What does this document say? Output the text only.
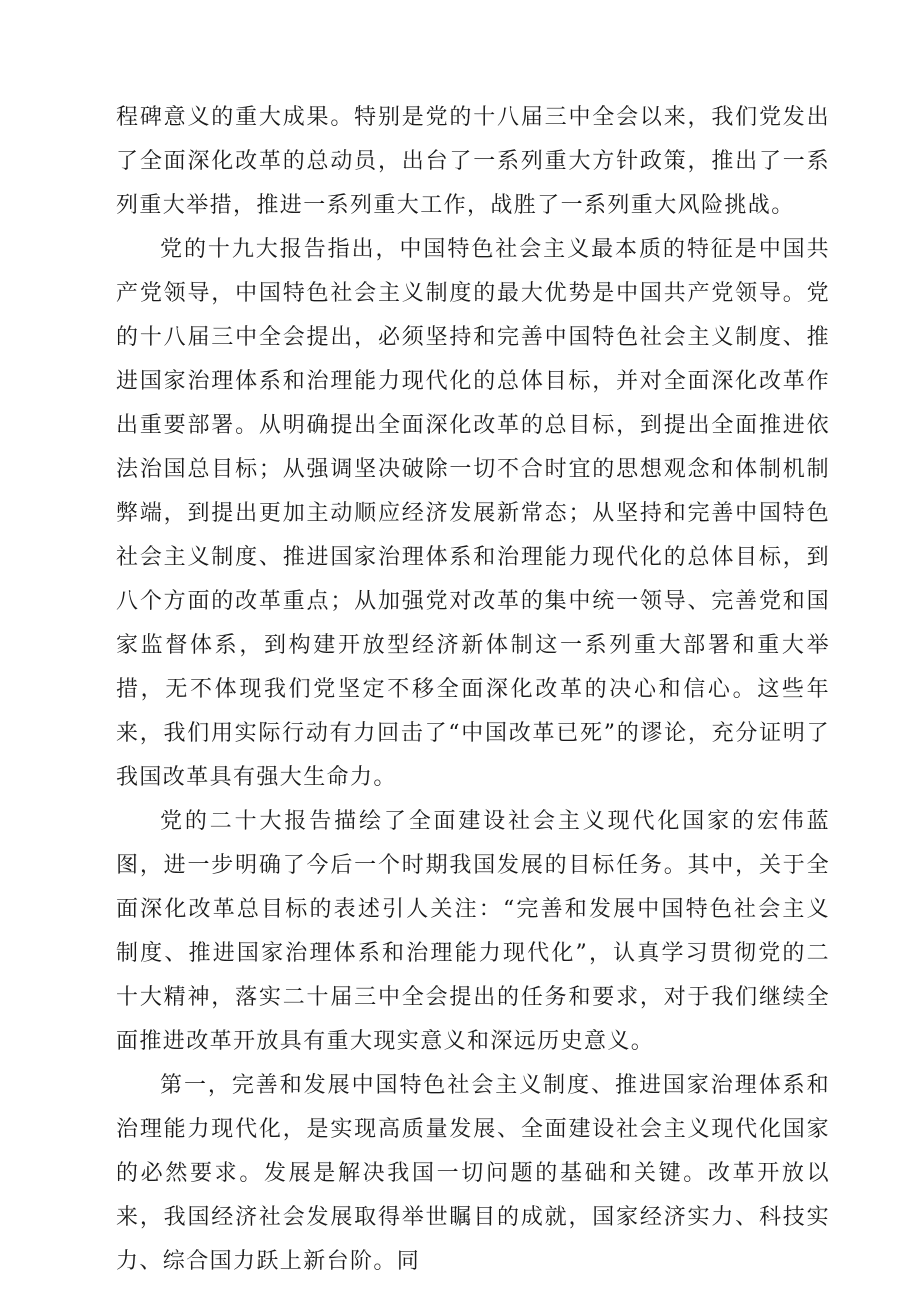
程碑意义的重大成果。特别是党的十八届三中全会以来，我们党发出了全面深化改革的总动员，出台了一系列重大方针政策，推出了一系列重大举措，推进一系列重大工作，战胜了一系列重大风险挑战。

党的十九大报告指出，中国特色社会主义最本质的特征是中国共产党领导，中国特色社会主义制度的最大优势是中国共产党领导。党的十八届三中全会提出，必须坚持和完善中国特色社会主义制度、推进国家治理体系和治理能力现代化的总体目标，并对全面深化改革作出重要部署。从明确提出全面深化改革的总目标，到提出全面推进依法治国总目标；从强调坚决破除一切不合时宜的思想观念和体制机制弊端，到提出更加主动顺应经济发展新常态；从坚持和完善中国特色社会主义制度、推进国家治理体系和治理能力现代化的总体目标，到八个方面的改革重点；从加强党对改革的集中统一领导、完善党和国家监督体系，到构建开放型经济新体制这一系列重大部署和重大举措，无不体现我们党坚定不移全面深化改革的决心和信心。这些年来，我们用实际行动有力回击了“中国改革已死”的谬论，充分证明了我国改革具有强大生命力。

党的二十大报告描绘了全面建设社会主义现代化国家的宏伟蓝图，进一步明确了今后一个时期我国发展的目标任务。其中，关于全面深化改革总目标的表述引人关注：“完善和发展中国特色社会主义制度、推进国家治理体系和治理能力现代化”，认真学习贯彻党的二十大精神，落实二十届三中全会提出的任务和要求，对于我们继续全面推进改革开放具有重大现实意义和深远历史意义。

第一，完善和发展中国特色社会主义制度、推进国家治理体系和治理能力现代化，是实现高质量发展、全面建设社会主义现代化国家的必然要求。发展是解决我国一切问题的基础和关键。改革开放以来，我国经济社会发展取得举世瞩目的成就，国家经济实力、科技实力、综合国力跃上新台阶。同
